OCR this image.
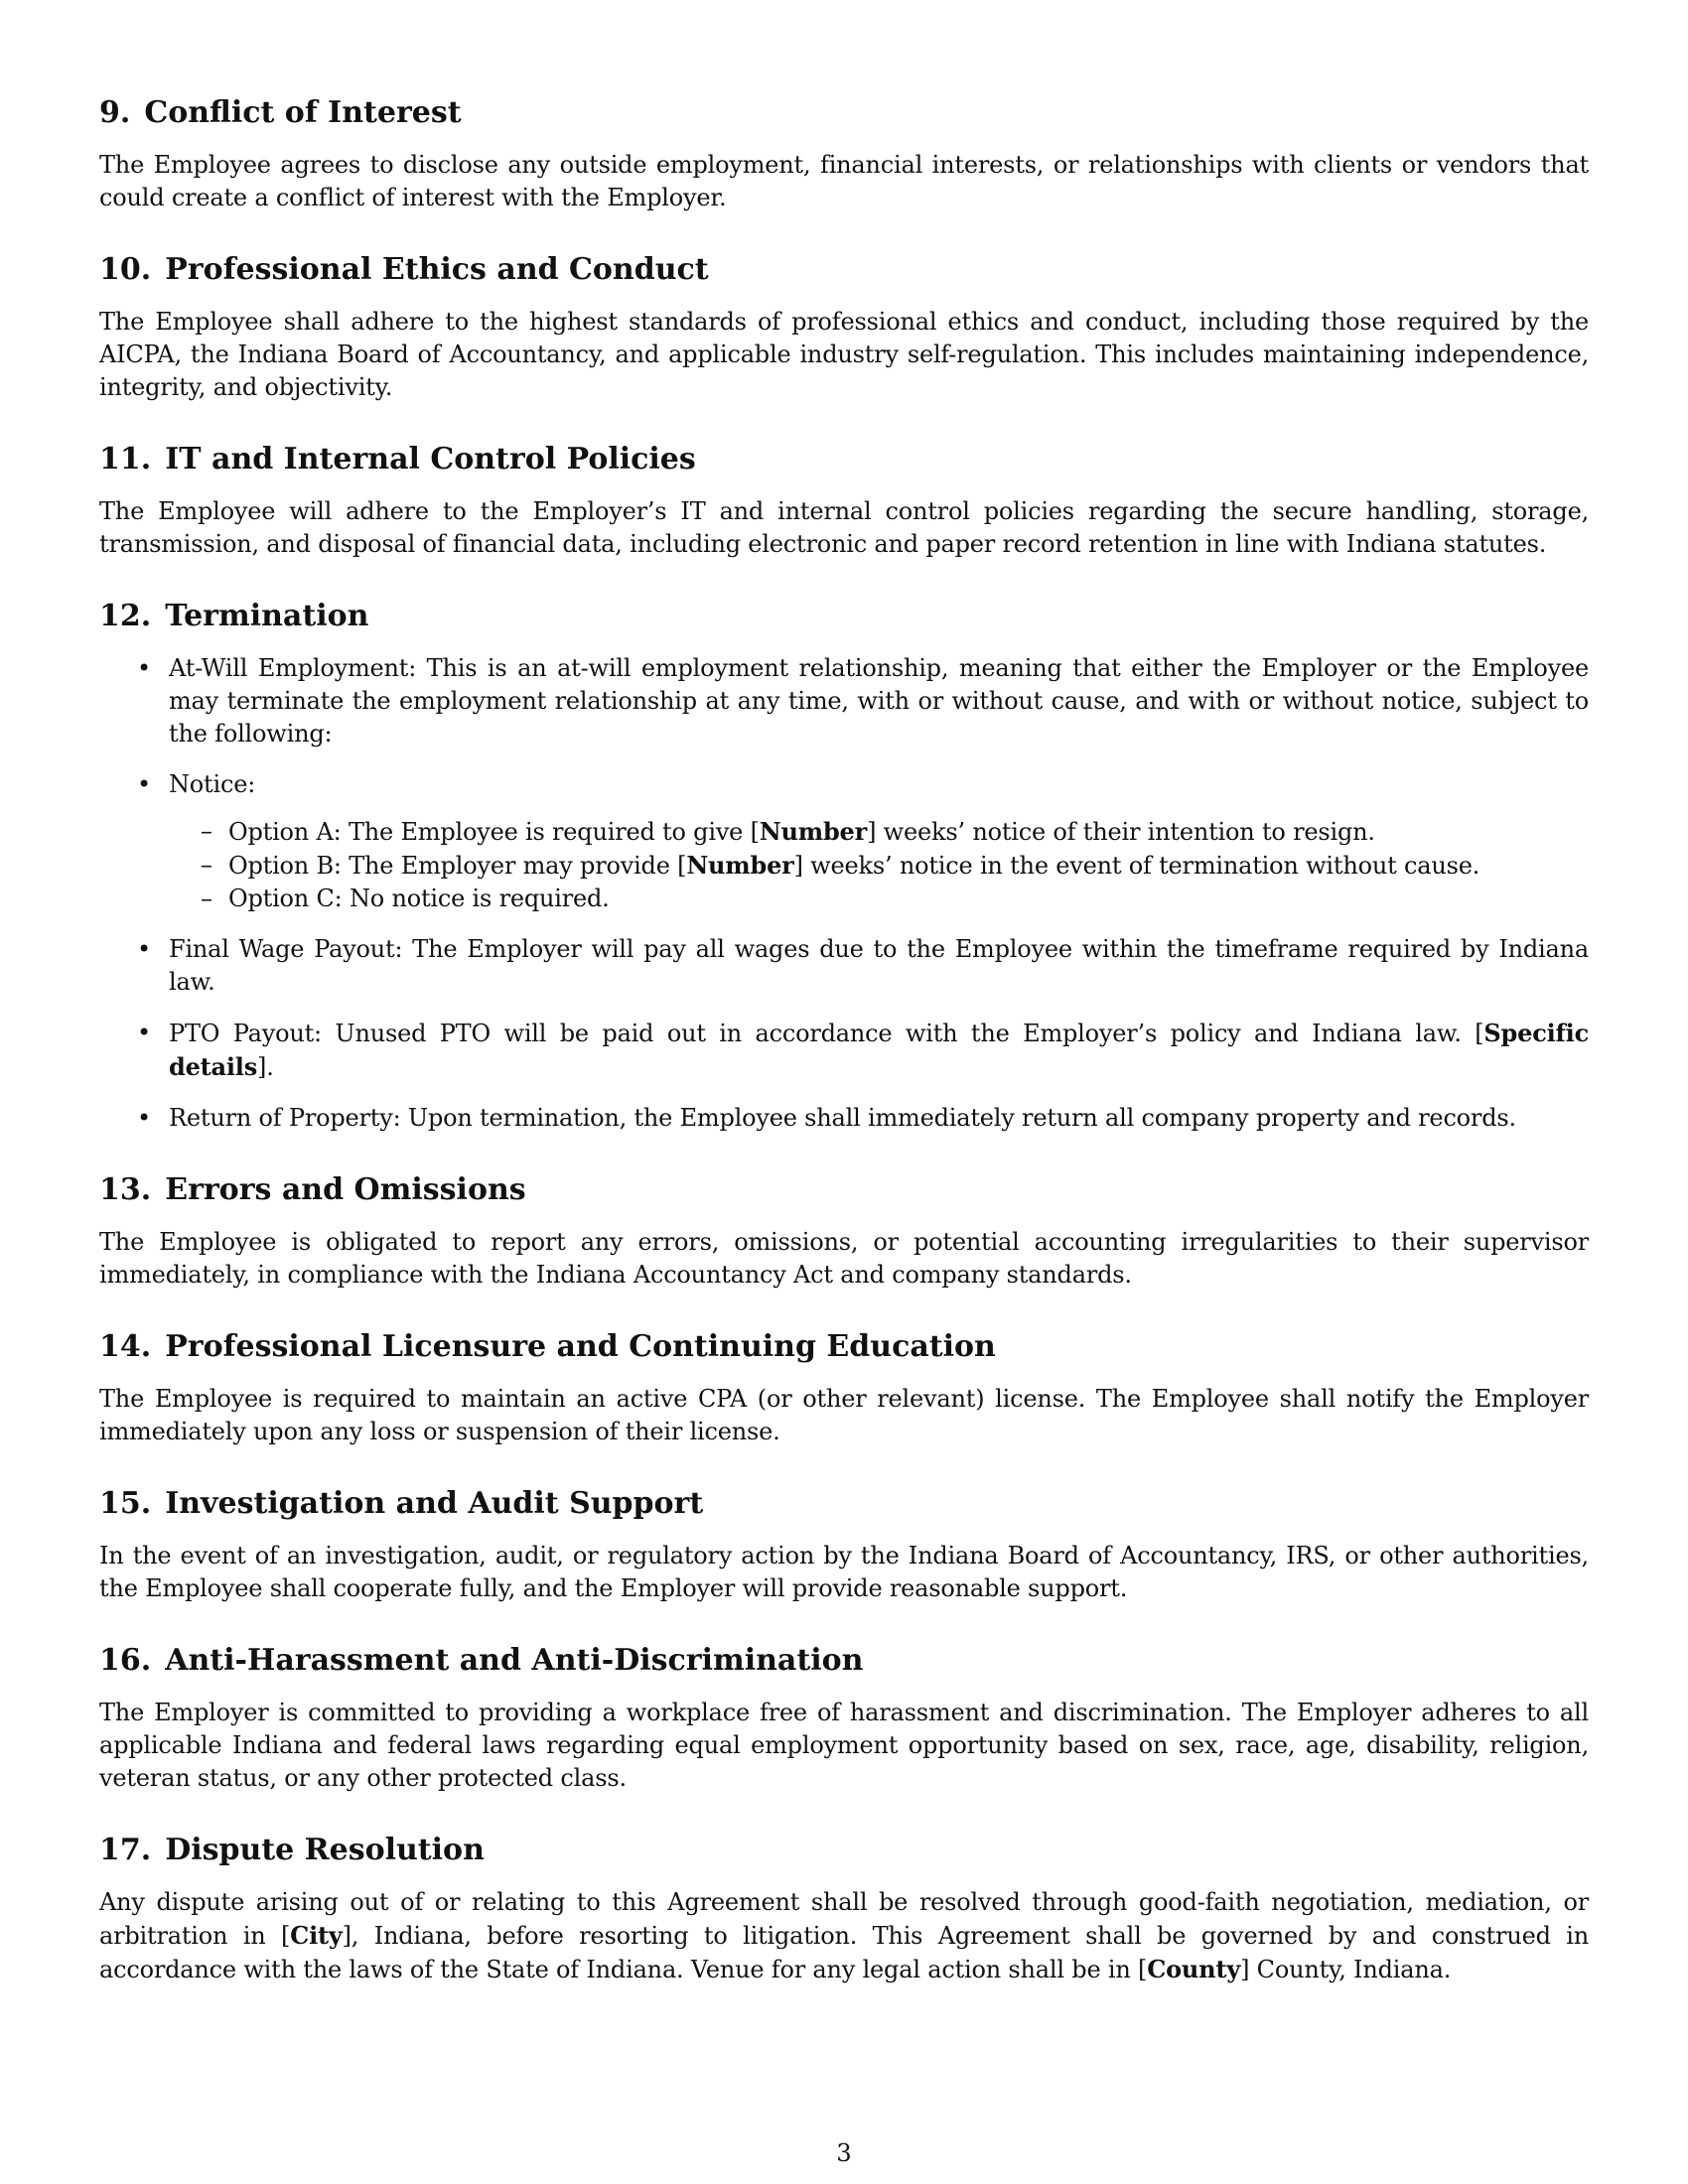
9. Conflict of Interest

The Employee agrees to disclose any outside employment, financial interests, or relationships with clients or vendors that could create a conflict of interest with the Employer.

10. Professional Ethics and Conduct

The Employee shall adhere to the highest standards of professional ethics and conduct, including those required by the AICPA, the Indiana Board of Accountancy, and applicable industry self-regulation. This includes maintaining independence, integrity, and objectivity.

11. IT and Internal Control Policies

The Employee will adhere to the Employer’s IT and internal control policies regarding the secure handling, storage, transmission, and disposal of financial data, including electronic and paper record retention in line with Indiana statutes.

12. Termination
• At-Will Employment: This is an at-will employment relationship, meaning that either the Employer or the Employee may terminate the employment relationship at any time, with or without cause, and with or without notice, subject to the following:
• Notice:
– Option A: The Employee is required to give [Number] weeks’ notice of their intention to resign.
– Option B: The Employer may provide [Number] weeks’ notice in the event of termination without cause.
– Option C: No notice is required.
• Final Wage Payout: The Employer will pay all wages due to the Employee within the timeframe required by Indiana law.
• PTO Payout: Unused PTO will be paid out in accordance with the Employer’s policy and Indiana law. [Specific details].
• Return of Property: Upon termination, the Employee shall immediately return all company property and records.
13. Errors and Omissions

The Employee is obligated to report any errors, omissions, or potential accounting irregularities to their supervisor immediately, in compliance with the Indiana Accountancy Act and company standards.

14. Professional Licensure and Continuing Education

The Employee is required to maintain an active CPA (or other relevant) license. The Employee shall notify the Employer immediately upon any loss or suspension of their license.

15. Investigation and Audit Support

In the event of an investigation, audit, or regulatory action by the Indiana Board of Accountancy, IRS, or other authorities, the Employee shall cooperate fully, and the Employer will provide reasonable support.

16. Anti-Harassment and Anti-Discrimination

The Employer is committed to providing a workplace free of harassment and discrimination. The Employer adheres to all applicable Indiana and federal laws regarding equal employment opportunity based on sex, race, age, disability, religion, veteran status, or any other protected class.

17. Dispute Resolution

Any dispute arising out of or relating to this Agreement shall be resolved through good-faith negotiation, mediation, or arbitration in [City], Indiana, before resorting to litigation. This Agreement shall be governed by and construed in accordance with the laws of the State of Indiana. Venue for any legal action shall be in [County] County, Indiana.

3
